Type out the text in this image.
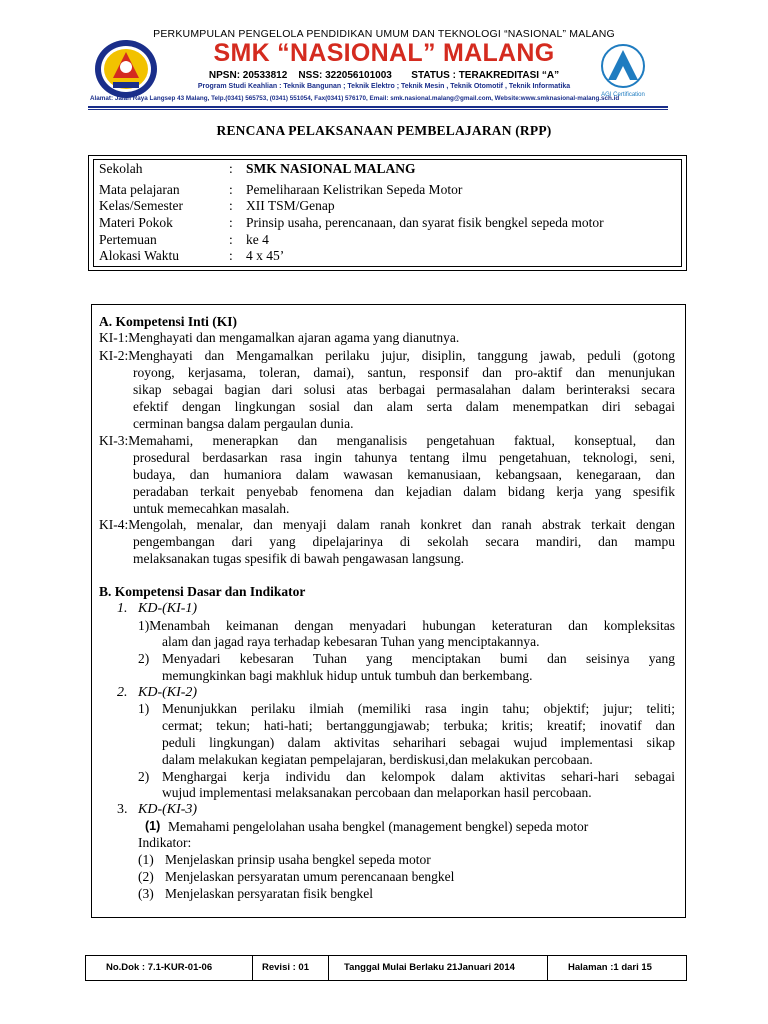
PERKUMPULAN PENGELOLA PENDIDIKAN UMUM DAN TEKNOLOGI “NASIONAL” MALANG
SMK “NASIONAL” MALANG
NPSN: 20533812 NSS: 322056101003 STATUS : TERAKREDITASI “A”
Program Studi Keahlian : Teknik Bangunan ; Teknik Elektro ; Teknik Mesin , Teknik Otomotif , Teknik Informatika
Alamat: Jalan Raya Langsep 43 Malang, Telp.(0341) 565753, (0341) 551054, Fax(0341) 576170, Email: smk.nasional.malang@gmail.com, Website:www.smknasional-malang.sch.id
AGI Certification
RENCANA PELAKSANAAN PEMBELAJARAN (RPP)
Sekolah	: SMK NASIONAL MALANG
Mata pelajaran	: Pemeliharaan Kelistrikan Sepeda Motor
Kelas/Semester	: XII TSM/Genap
Materi Pokok	: Prinsip usaha, perencanaan, dan syarat fisik bengkel sepeda motor
Pertemuan	: ke 4
Alokasi Waktu	: 4 x 45’
A. Kompetensi Inti (KI)
KI-1:Menghayati dan mengamalkan ajaran agama yang dianutnya.
KI-2:Menghayati dan Mengamalkan perilaku jujur, disiplin, tanggung jawab, peduli (gotong
royong, kerjasama, toleran, damai), santun, responsif dan pro-aktif dan menunjukan
sikap sebagai bagian dari solusi atas berbagai permasalahan dalam berinteraksi secara
efektif dengan lingkungan sosial dan alam serta dalam menempatkan diri sebagai
cerminan bangsa dalam pergaulan dunia.
KI-3:Memahami, menerapkan dan menganalisis pengetahuan faktual, konseptual, dan
prosedural berdasarkan rasa ingin tahunya tentang ilmu pengetahuan, teknologi, seni,
budaya, dan humaniora dalam wawasan kemanusiaan, kebangsaan, kenegaraan, dan
peradaban terkait penyebab fenomena dan kejadian dalam bidang kerja yang spesifik
untuk memecahkan masalah.
KI-4:Mengolah, menalar, dan menyaji dalam ranah konkret dan ranah abstrak terkait dengan
pengembangan dari yang dipelajarinya di sekolah secara mandiri, dan mampu
melaksanakan tugas spesifik di bawah pengawasan langsung.
B. Kompetensi Dasar dan Indikator
1. KD-(KI-1)
1)Menambah keimanan dengan menyadari hubungan keteraturan dan kompleksitas
alam dan jagad raya terhadap kebesaran Tuhan yang menciptakannya.
2) Menyadari kebesaran Tuhan yang menciptakan bumi dan seisinya yang
memungkinkan bagi makhluk hidup untuk tumbuh dan berkembang.
2. KD-(KI-2)
1) Menunjukkan perilaku ilmiah (memiliki rasa ingin tahu; objektif; jujur; teliti;
cermat; tekun; hati-hati; bertanggungjawab; terbuka; kritis; kreatif; inovatif dan
peduli lingkungan) dalam aktivitas seharihari sebagai wujud implementasi sikap
dalam melakukan kegiatan pempelajaran, berdiskusi,dan melakukan percobaan.
2) Menghargai kerja individu dan kelompok dalam aktivitas sehari-hari sebagai
wujud implementasi melaksanakan percobaan dan melaporkan hasil percobaan.
3. KD-(KI-3)
(1) Memahami pengelolahan usaha bengkel (management bengkel) sepeda motor
Indikator:
(1) Menjelaskan prinsip usaha bengkel sepeda motor
(2) Menjelaskan persyaratan umum perencanaan bengkel
(3) Menjelaskan persyaratan fisik bengkel
No.Dok : 7.1-KUR-01-06	Revisi : 01	Tanggal Mulai Berlaku 21Januari 2014	Halaman :1 dari 15
